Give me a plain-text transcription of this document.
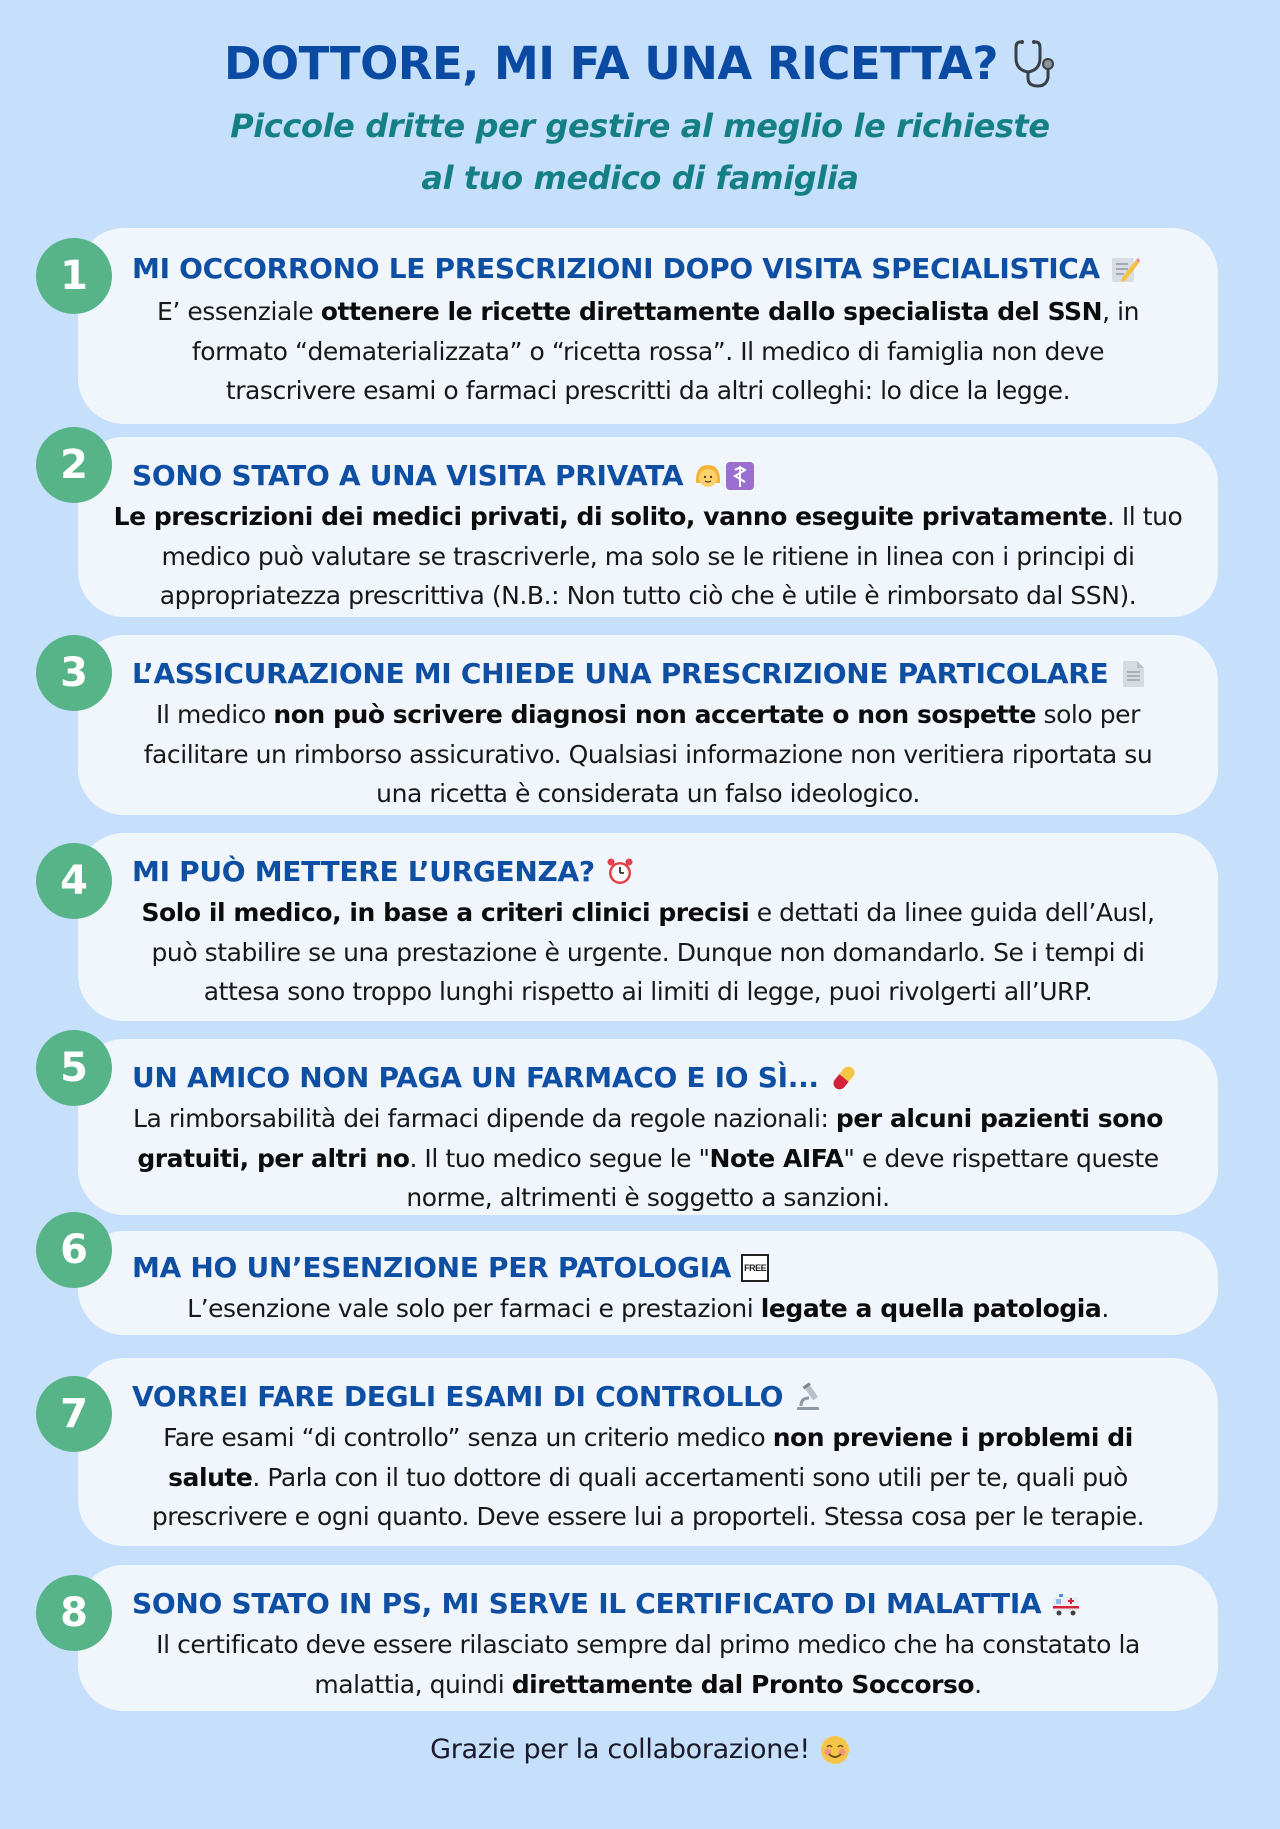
DOTTORE, MI FA UNA RICETTA?
Piccole dritte per gestire al meglio le richieste
al tuo medico di famiglia
1	MI OCCORRONO LE PRESCRIZIONI DOPO VISITA SPECIALISTICA
E’ essenziale ottenere le ricette direttamente dallo specialista del SSN, in
formato “dematerializzata” o “ricetta rossa”. Il medico di famiglia non deve
trascrivere esami o farmaci prescritti da altri colleghi: lo dice la legge.
2	SONO STATO A UNA VISITA PRIVATA
Le prescrizioni dei medici privati, di solito, vanno eseguite privatamente. Il tuo
medico può valutare se trascriverle, ma solo se le ritiene in linea con i principi di
appropriatezza prescrittiva (N.B.: Non tutto ciò che è utile è rimborsato dal SSN).
3	L’ASSICURAZIONE MI CHIEDE UNA PRESCRIZIONE PARTICOLARE
Il medico non può scrivere diagnosi non accertate o non sospette solo per
facilitare un rimborso assicurativo. Qualsiasi informazione non veritiera riportata su
una ricetta è considerata un falso ideologico.
4	MI PUÒ METTERE L’URGENZA?
Solo il medico, in base a criteri clinici precisi e dettati da linee guida dell’Ausl,
può stabilire se una prestazione è urgente. Dunque non domandarlo. Se i tempi di
attesa sono troppo lunghi rispetto ai limiti di legge, puoi rivolgerti all’URP.
5	UN AMICO NON PAGA UN FARMACO E IO SÌ...
La rimborsabilità dei farmaci dipende da regole nazionali: per alcuni pazienti sono
gratuiti, per altri no. Il tuo medico segue le "Note AIFA" e deve rispettare queste
norme, altrimenti è soggetto a sanzioni.
6	MA HO UN’ESENZIONE PER PATOLOGIA	FREE
L’esenzione vale solo per farmaci e prestazioni legate a quella patologia.
7	VORREI FARE DEGLI ESAMI DI CONTROLLO
Fare esami “di controllo” senza un criterio medico non previene i problemi di
salute. Parla con il tuo dottore di quali accertamenti sono utili per te, quali può
prescrivere e ogni quanto. Deve essere lui a proporteli. Stessa cosa per le terapie.
8	SONO STATO IN PS, MI SERVE IL CERTIFICATO DI MALATTIA
Il certificato deve essere rilasciato sempre dal primo medico che ha constatato la
malattia, quindi direttamente dal Pronto Soccorso.
Grazie per la collaborazione!
